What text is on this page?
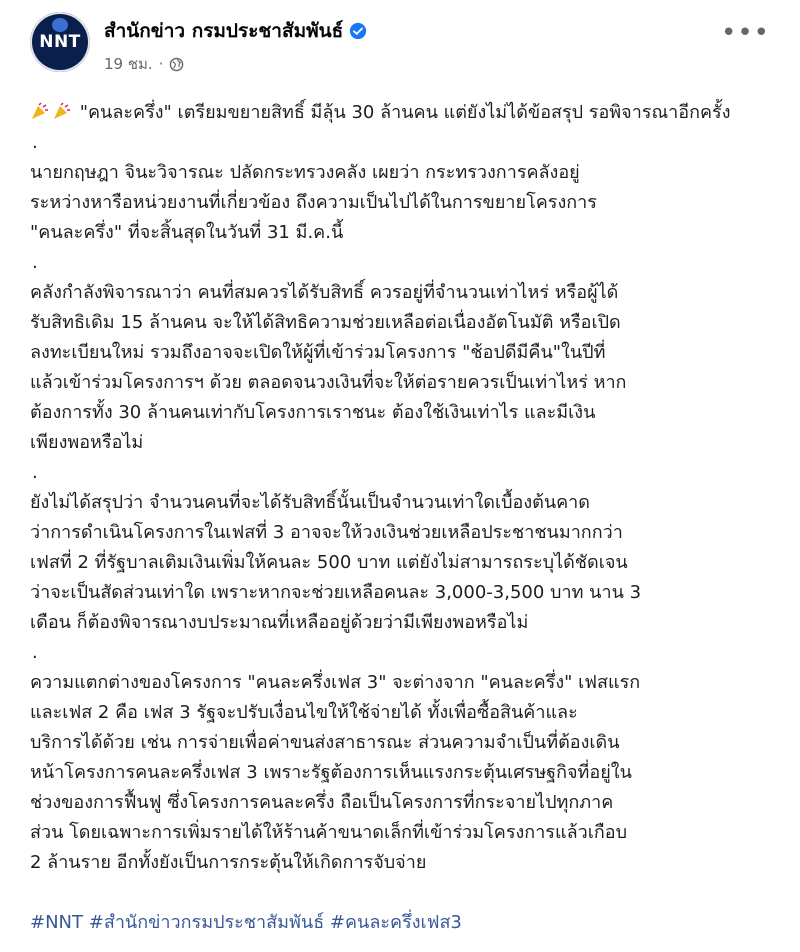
NNT สำนักข่าว กรมประชาสัมพันธ์
19 ชม. ·
•••

"คนละครึ่ง" เตรียมขยายสิทธิ์ มีลุ้น 30 ล้านคน แต่ยังไม่ได้ข้อสรุป รอพิจารณาอีกครั้ง

.

นายกฤษฎา จินะวิจารณะ ปลัดกระทรวงคลัง เผยว่า กระทรวงการคลังอยู่
ระหว่างหารือหน่วยงานที่เกี่ยวข้อง ถึงความเป็นไปได้ในการขยายโครงการ
"คนละครึ่ง" ที่จะสิ้นสุดในวันที่ 31 มี.ค.นี้

.

คลังกำลังพิจารณาว่า คนที่สมควรได้รับสิทธิ์ ควรอยู่ที่จำนวนเท่าไหร่ หรือผู้ได้
รับสิทธิเดิม 15 ล้านคน จะให้ได้สิทธิความช่วยเหลือต่อเนื่องอัตโนมัติ หรือเปิด
ลงทะเบียนใหม่ รวมถึงอาจจะเปิดให้ผู้ที่เข้าร่วมโครงการ "ช้อปดีมีคืน"ในปีที่
แล้วเข้าร่วมโครงการฯ ด้วย ตลอดจนวงเงินที่จะให้ต่อรายควรเป็นเท่าไหร่ หาก
ต้องการทั้ง 30 ล้านคนเท่ากับโครงการเราชนะ ต้องใช้เงินเท่าไร และมีเงิน
เพียงพอหรือไม่

.

ยังไม่ได้สรุปว่า จำนวนคนที่จะได้รับสิทธิ์นั้นเป็นจำนวนเท่าใดเบื้องต้นคาด
ว่าการดำเนินโครงการในเฟสที่ 3 อาจจะให้วงเงินช่วยเหลือประชาชนมากกว่า
เฟสที่ 2 ที่รัฐบาลเติมเงินเพิ่มให้คนละ 500 บาท แต่ยังไม่สามารถระบุได้ชัดเจน
ว่าจะเป็นสัดส่วนเท่าใด เพราะหากจะช่วยเหลือคนละ 3,000-3,500 บาท นาน 3
เดือน ก็ต้องพิจารณางบประมาณที่เหลืออยู่ด้วยว่ามีเพียงพอหรือไม่

.

ความแตกต่างของโครงการ "คนละครึ่งเฟส 3" จะต่างจาก "คนละครึ่ง" เฟสแรก
และเฟส 2 คือ เฟส 3 รัฐจะปรับเงื่อนไขให้ใช้จ่ายได้ ทั้งเพื่อซื้อสินค้าและ
บริการได้ด้วย เช่น การจ่ายเพื่อค่าขนส่งสาธารณะ ส่วนความจำเป็นที่ต้องเดิน
หน้าโครงการคนละครึ่งเฟส 3 เพราะรัฐต้องการเห็นแรงกระตุ้นเศรษฐกิจที่อยู่ใน
ช่วงของการฟื้นฟู ซึ่งโครงการคนละครึ่ง ถือเป็นโครงการที่กระจายไปทุกภาค
ส่วน โดยเฉพาะการเพิ่มรายได้ให้ร้านค้าขนาดเล็กที่เข้าร่วมโครงการแล้วเกือบ
2 ล้านราย อีกทั้งยังเป็นการกระตุ้นให้เกิดการจับจ่าย

#NNT #สำนักข่าวกรมประชาสัมพันธ์ #คนละครึ่งเฟส3
